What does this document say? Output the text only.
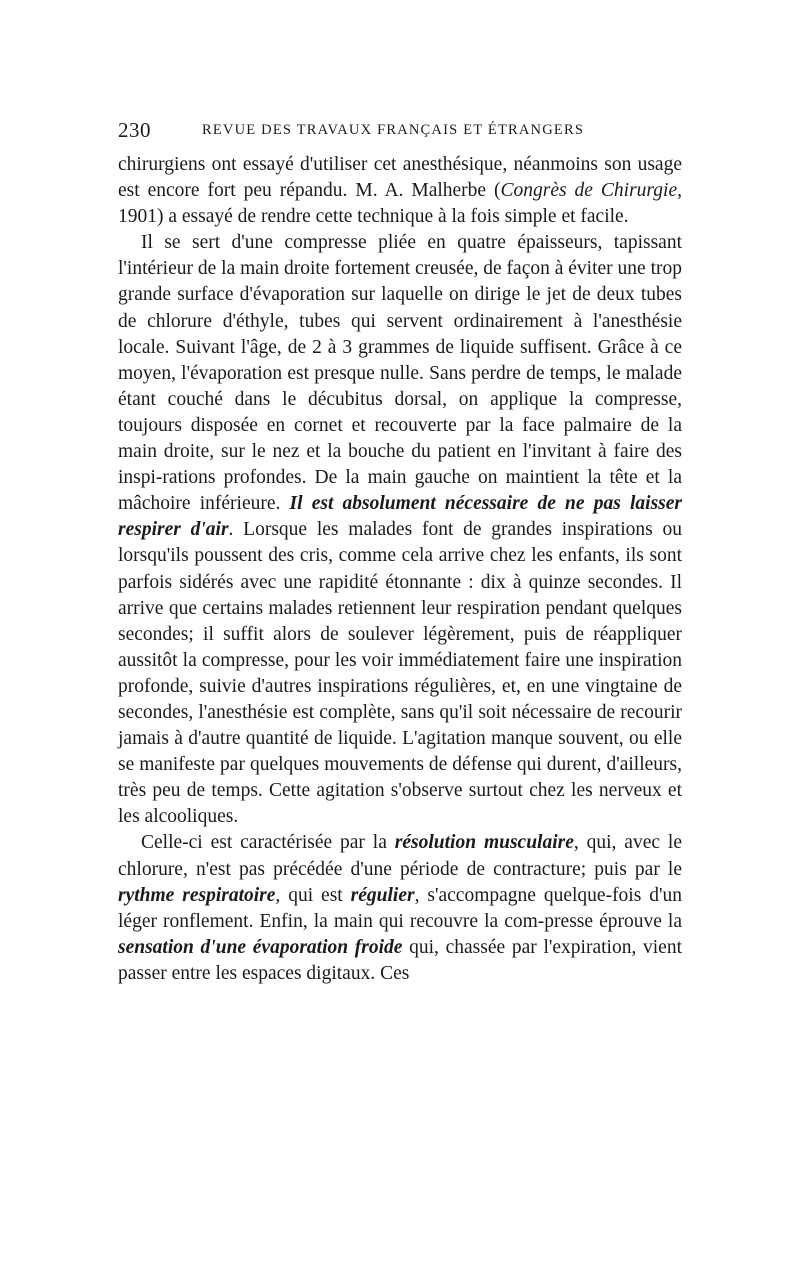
230	REVUE DES TRAVAUX FRANÇAIS ET ÉTRANGERS

chirurgiens ont essayé d'utiliser cet anesthésique, néanmoins son usage est encore fort peu répandu. M. A. Malherbe (Congrès de Chirurgie, 1901) a essayé de rendre cette technique à la fois simple et facile.

Il se sert d'une compresse pliée en quatre épaisseurs, tapissant l'intérieur de la main droite fortement creusée, de façon à éviter une trop grande surface d'évaporation sur laquelle on dirige le jet de deux tubes de chlorure d'éthyle, tubes qui servent ordinairement à l'anesthésie locale. Suivant l'âge, de 2 à 3 grammes de liquide suffisent. Grâce à ce moyen, l'évaporation est presque nulle. Sans perdre de temps, le malade étant couché dans le décubitus dorsal, on applique la compresse, toujours disposée en cornet et recouverte par la face palmaire de la main droite, sur le nez et la bouche du patient en l'invitant à faire des inspi-rations profondes. De la main gauche on maintient la tête et la mâchoire inférieure. Il est absolument nécessaire de ne pas laisser respirer d'air. Lorsque les malades font de grandes inspirations ou lorsqu'ils poussent des cris, comme cela arrive chez les enfants, ils sont parfois sidérés avec une rapidité étonnante : dix à quinze secondes. Il arrive que certains malades retiennent leur respiration pendant quelques secondes; il suffit alors de soulever légèrement, puis de réappliquer aussitôt la compresse, pour les voir immédiatement faire une inspiration profonde, suivie d'autres inspirations régulières, et, en une vingtaine de secondes, l'anesthésie est complète, sans qu'il soit nécessaire de recourir jamais à d'autre quantité de liquide. L'agitation manque souvent, ou elle se manifeste par quelques mouvements de défense qui durent, d'ailleurs, très peu de temps. Cette agitation s'observe surtout chez les nerveux et les alcooliques.

Celle-ci est caractérisée par la résolution musculaire, qui, avec le chlorure, n'est pas précédée d'une période de contracture; puis par le rythme respiratoire, qui est régulier, s'accompagne quelque-fois d'un léger ronflement. Enfin, la main qui recouvre la com-presse éprouve la sensation d'une évaporation froide qui, chassée par l'expiration, vient passer entre les espaces digitaux. Ces
